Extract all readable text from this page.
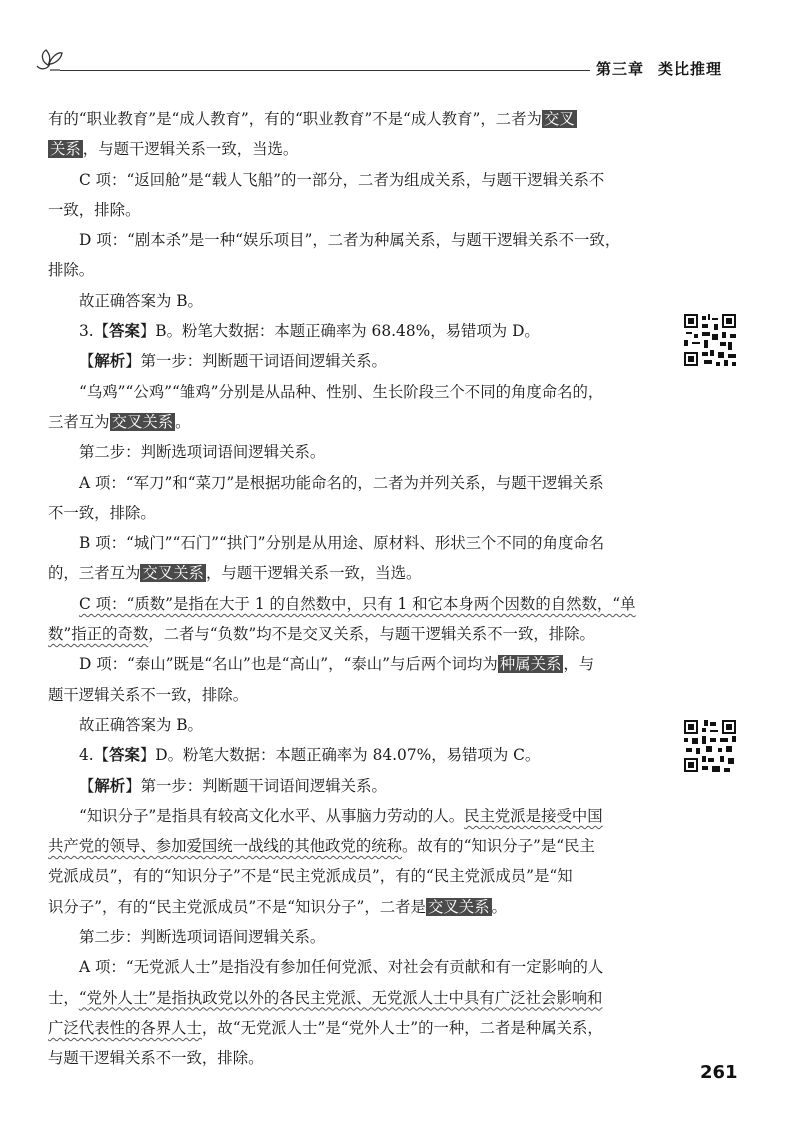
第三章 类比推理
有的“职业教育”是“成人教育”，有的“职业教育”不是“成人教育”，二者为 交叉
关系 ，与题干逻辑关系一致，当选。
C 项：“返回舱”是“载人飞船”的一部分，二者为组成关系，与题干逻辑关系不
一致，排除。
D 项：“剧本杀”是一种“娱乐项目”，二者为种属关系，与题干逻辑关系不一致，
排除。
故正确答案为 B。
3.【答案】B。粉笔大数据：本题正确率为 68.48%，易错项为 D。
【解析】第一步：判断题干词语间逻辑关系。
“乌鸡”“公鸡”“雏鸡”分别是从品种、性别、生长阶段三个不同的角度命名的，
三者互为 交叉关系 。
第二步：判断选项词语间逻辑关系。
A 项：“军刀”和“菜刀”是根据功能命名的，二者为并列关系，与题干逻辑关系
不一致，排除。
B 项：“城门”“石门”“拱门”分别是从用途、原材料、形状三个不同的角度命名
的，三者互为 交叉关系 ，与题干逻辑关系一致，当选。
C 项：“质数”是指在大于 1 的自然数中，只有 1 和它本身两个因数的自然数，“单
数”指正的奇数，二者与“负数”均不是交叉关系，与题干逻辑关系不一致，排除。
D 项：“泰山”既是“名山”也是“高山”，“泰山”与后两个词均为 种属关系 ，与
题干逻辑关系不一致，排除。
故正确答案为 B。
4.【答案】D。粉笔大数据：本题正确率为 84.07%，易错项为 C。
【解析】第一步：判断题干词语间逻辑关系。
“知识分子”是指具有较高文化水平、从事脑力劳动的人。民主党派是接受中国
共产党的领导、参加爱国统一战线的其他政党的统称。故有的“知识分子”是“民主
党派成员”，有的“知识分子”不是“民主党派成员”，有的“民主党派成员”是“知
识分子”，有的“民主党派成员”不是“知识分子”，二者是 交叉关系 。
第二步：判断选项词语间逻辑关系。
A 项：“无党派人士”是指没有参加任何党派、对社会有贡献和有一定影响的人
士，“党外人士”是指执政党以外的各民主党派、无党派人士中具有广泛社会影响和
广泛代表性的各界人士，故“无党派人士”是“党外人士”的一种，二者是种属关系，
与题干逻辑关系不一致，排除。
261
